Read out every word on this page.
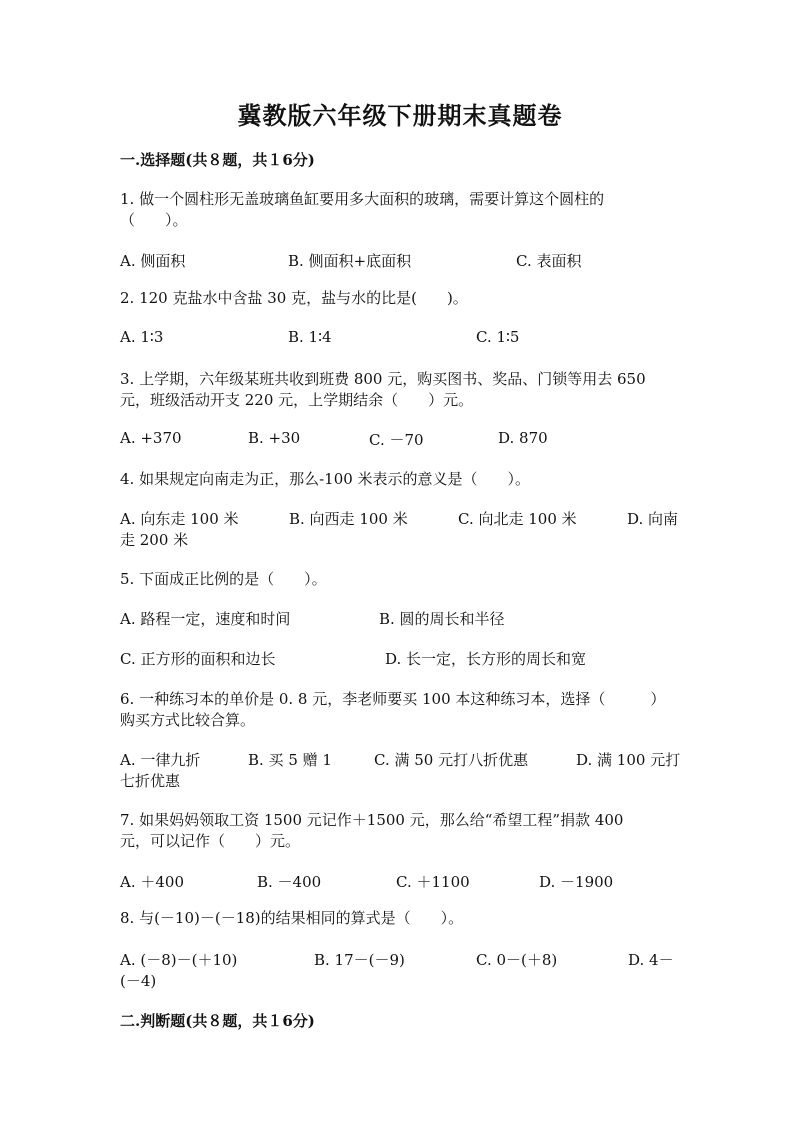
冀教版六年级下册期末真题卷
一.选择题(共８题，共１6分)
1. 做一个圆柱形无盖玻璃鱼缸要用多大面积的玻璃，需要计算这个圆柱的
（　　）。
A. 侧面积	B. 侧面积+底面积	C. 表面积
2. 120 克盐水中含盐 30 克，盐与水的比是(　　)。
A. 1∶3	B. 1∶4	C. 1∶5
3. 上学期，六年级某班共收到班费 800 元，购买图书、奖品、门锁等用去 650
元，班级活动开支 220 元，上学期结余（　　）元。
A. +370	B. +30	C. －70	D. 870
4. 如果规定向南走为正，那么-100 米表示的意义是（　　）。
A. 向东走 100 米	B. 向西走 100 米	C. 向北走 100 米	D. 向南
走 200 米
5. 下面成正比例的是（　　）。
A. 路程一定，速度和时间	B. 圆的周长和半径
C. 正方形的面积和边长	D. 长一定，长方形的周长和宽
6. 一种练习本的单价是 0. 8 元，李老师要买 100 本这种练习本，选择（　　　）
购买方式比较合算。
A. 一律九折	B. 买 5 赠 1	C. 满 50 元打八折优惠	D. 满 100 元打
七折优惠
7. 如果妈妈领取工资 1500 元记作＋1500 元，那么给“希望工程”捐款 400
元，可以记作（　　）元。
A. ＋400	B. －400	C. ＋1100	D. －1900
8. 与(－10)－(－18)的结果相同的算式是（　　）。
A. (－8)－(＋10)	B. 17－(－9)	C. 0－(＋8)	D. 4－
(－4)
二.判断题(共８题，共１6分)
